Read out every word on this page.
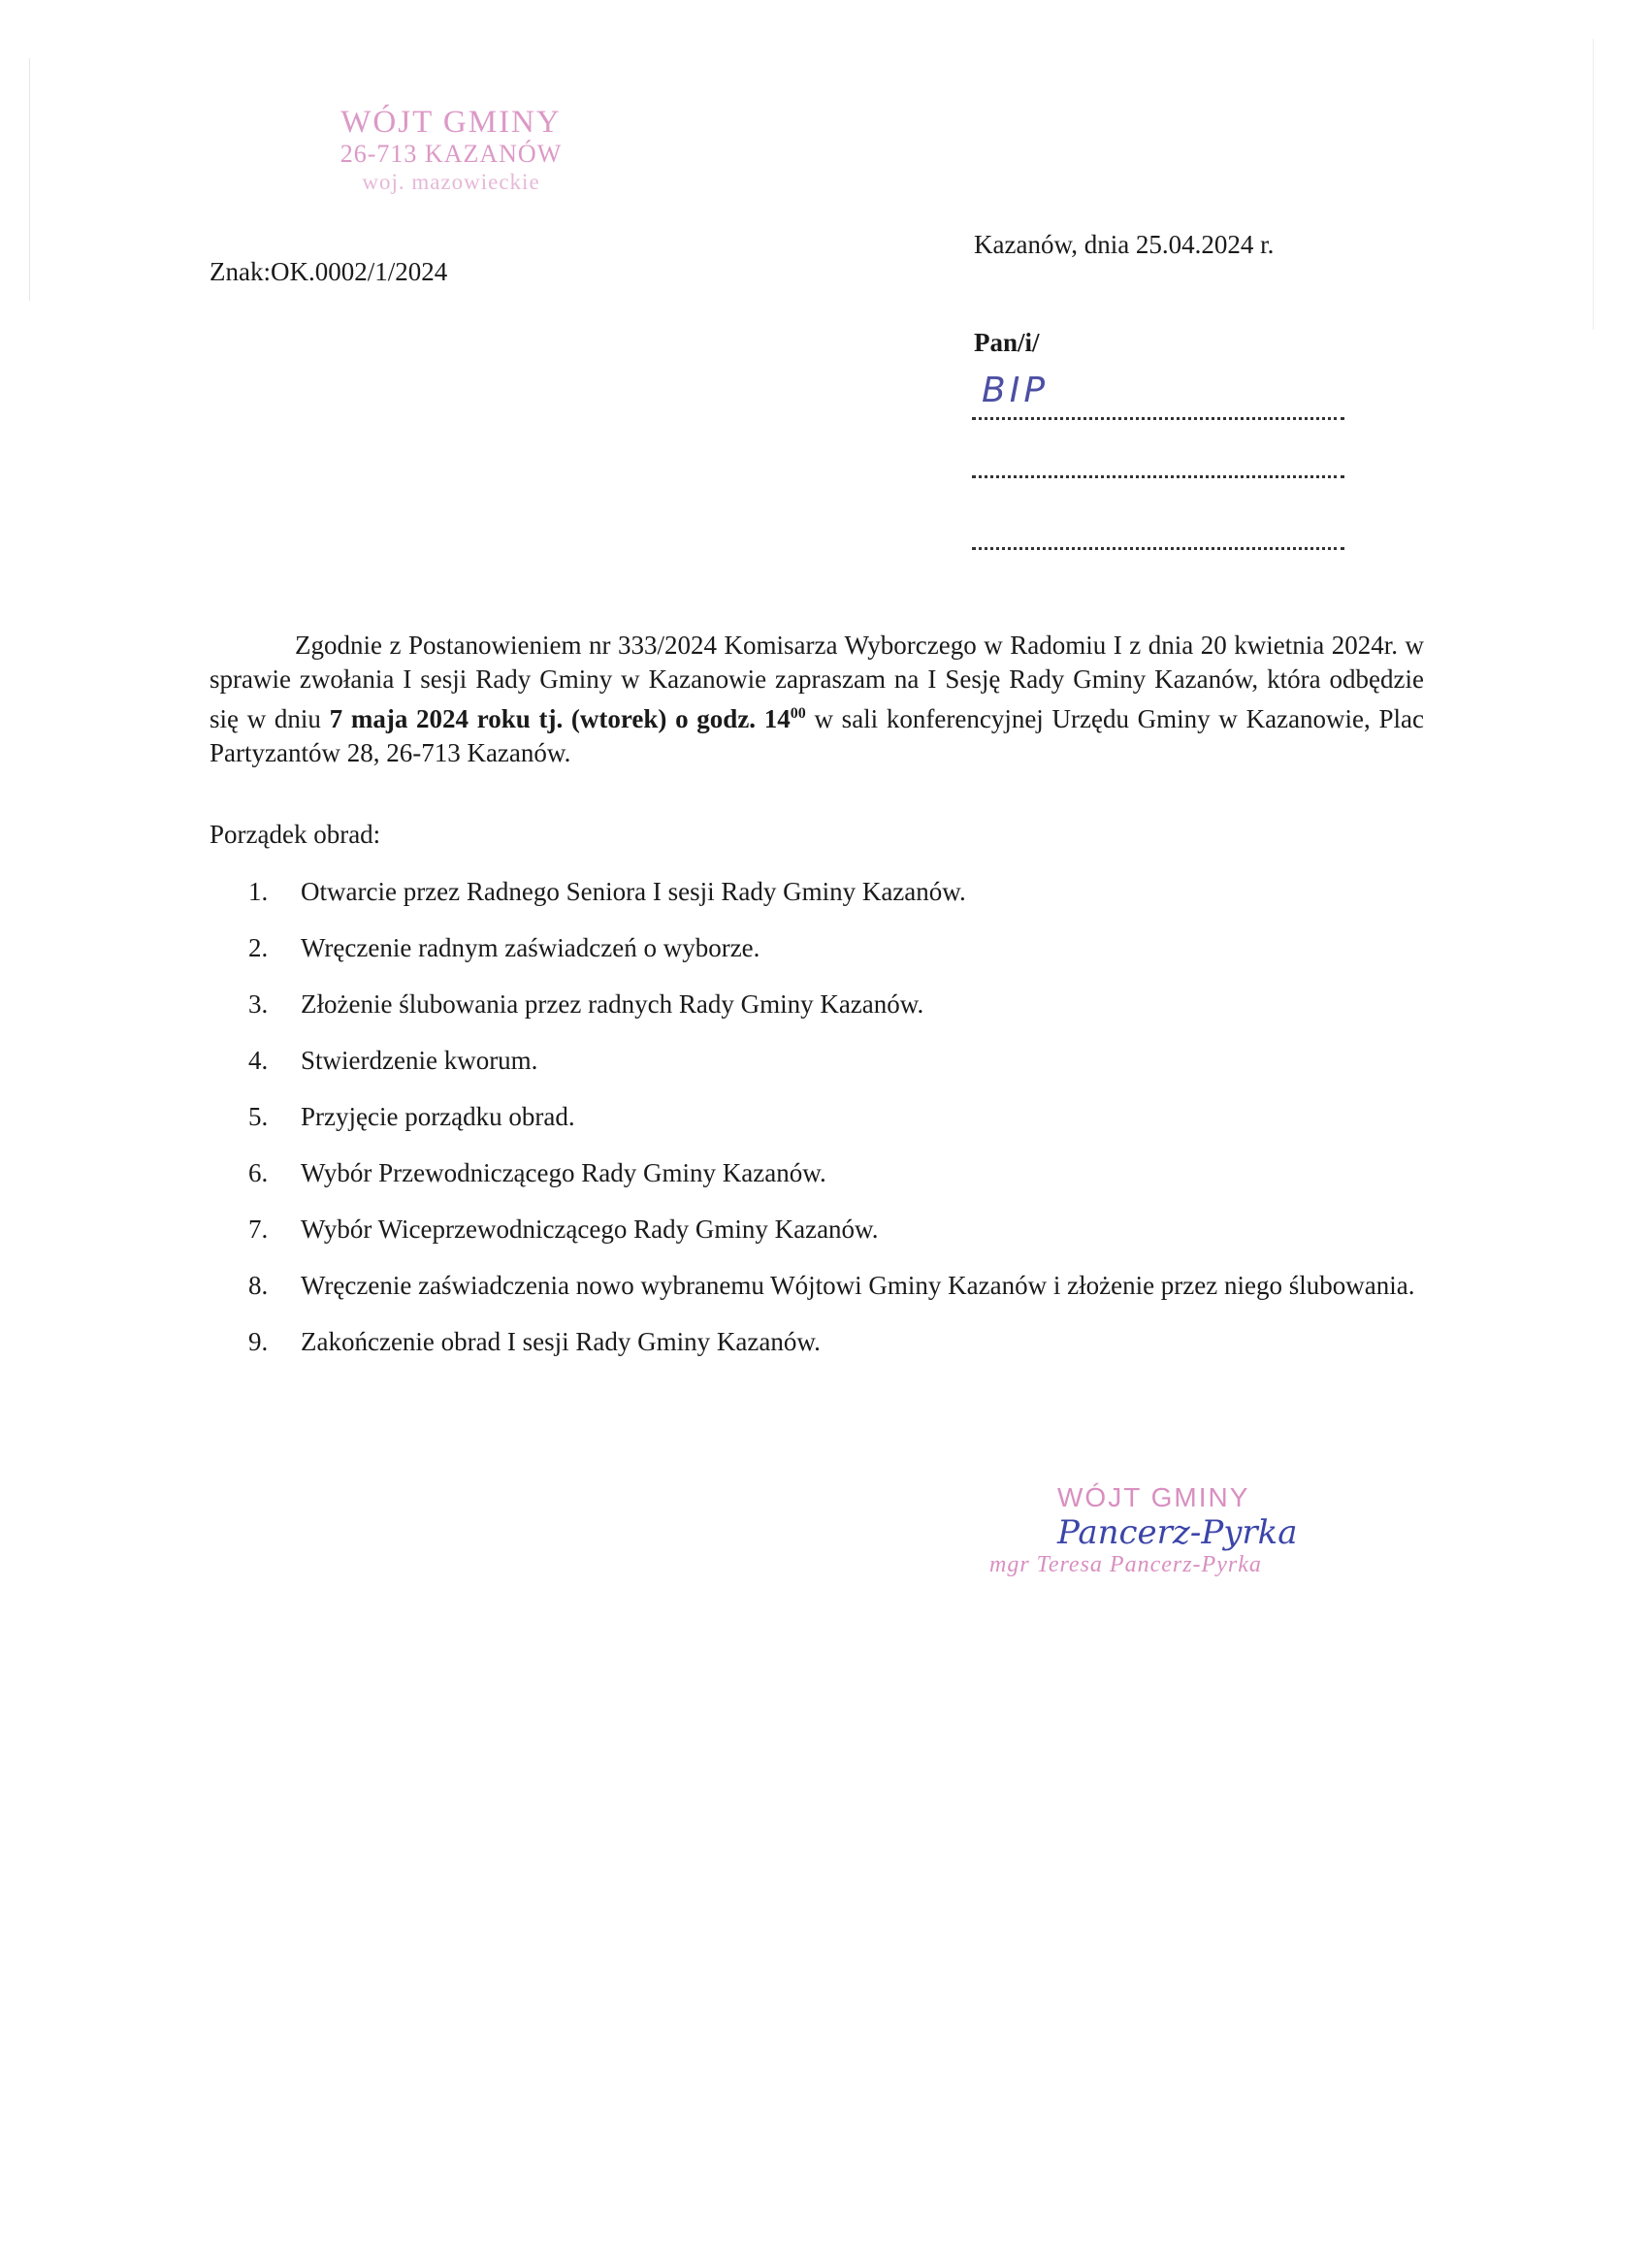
WÓJT GMINY
26-713 KAZANÓW
woj. mazowieckie
Znak:OK.0002/1/2024
Kazanów, dnia 25.04.2024 r.
Pan/i/
BIP
Zgodnie z Postanowieniem nr 333/2024 Komisarza Wyborczego w Radomiu I z dnia 20 kwietnia 2024r. w sprawie zwołania I sesji Rady Gminy w Kazanowie zapraszam na I Sesję Rady Gminy Kazanów, która odbędzie się w dniu 7 maja 2024 roku tj. (wtorek) o godz. $14^{00}$ w sali konferencyjnej Urzędu Gminy w Kazanowie, Plac Partyzantów 28, 26-713 Kazanów.
Porządek obrad:
1. Otwarcie przez Radnego Seniora I sesji Rady Gminy Kazanów.
2. Wręczenie radnym zaświadczeń o wyborze.
3. Złożenie ślubowania przez radnych Rady Gminy Kazanów.
4. Stwierdzenie kworum.
5. Przyjęcie porządku obrad.
6. Wybór Przewodniczącego Rady Gminy Kazanów.
7. Wybór Wiceprzewodniczącego Rady Gminy Kazanów.
8. Wręczenie zaświadczenia nowo wybranemu Wójtowi Gminy Kazanów i złożenie przez niego ślubowania.
9. Zakończenie obrad I sesji Rady Gminy Kazanów.
WÓJT GMINY
Pancerz-Pyrka
mgr Teresa Pancerz-Pyrka
